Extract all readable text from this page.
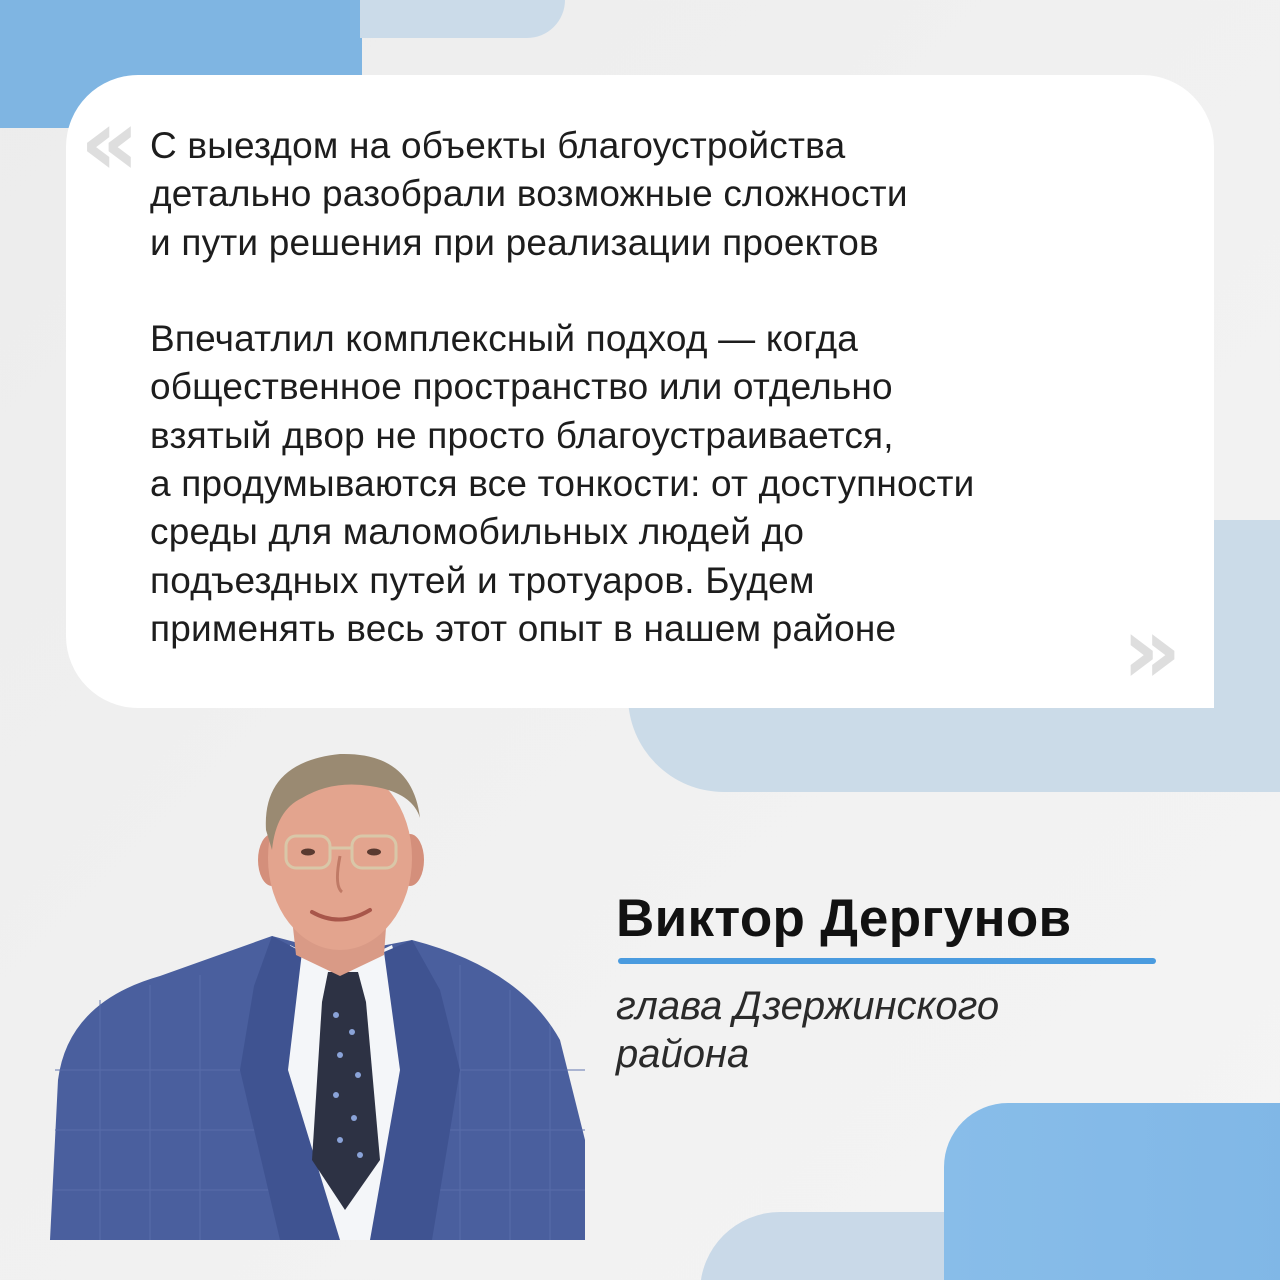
« С выездом на объекты благоустройства
детально разобрали возможные сложности
и пути решения при реализации проектов

Впечатлил комплексный подход — когда
общественное пространство или отдельно
взятый двор не просто благоустраивается,
а продумываются все тонкости: от доступности
среды для маломобильных людей до
подъездных путей и тротуаров. Будем
применять весь этот опыт в нашем районе	»
Виктор Дергунов
глава Дзержинского
района
